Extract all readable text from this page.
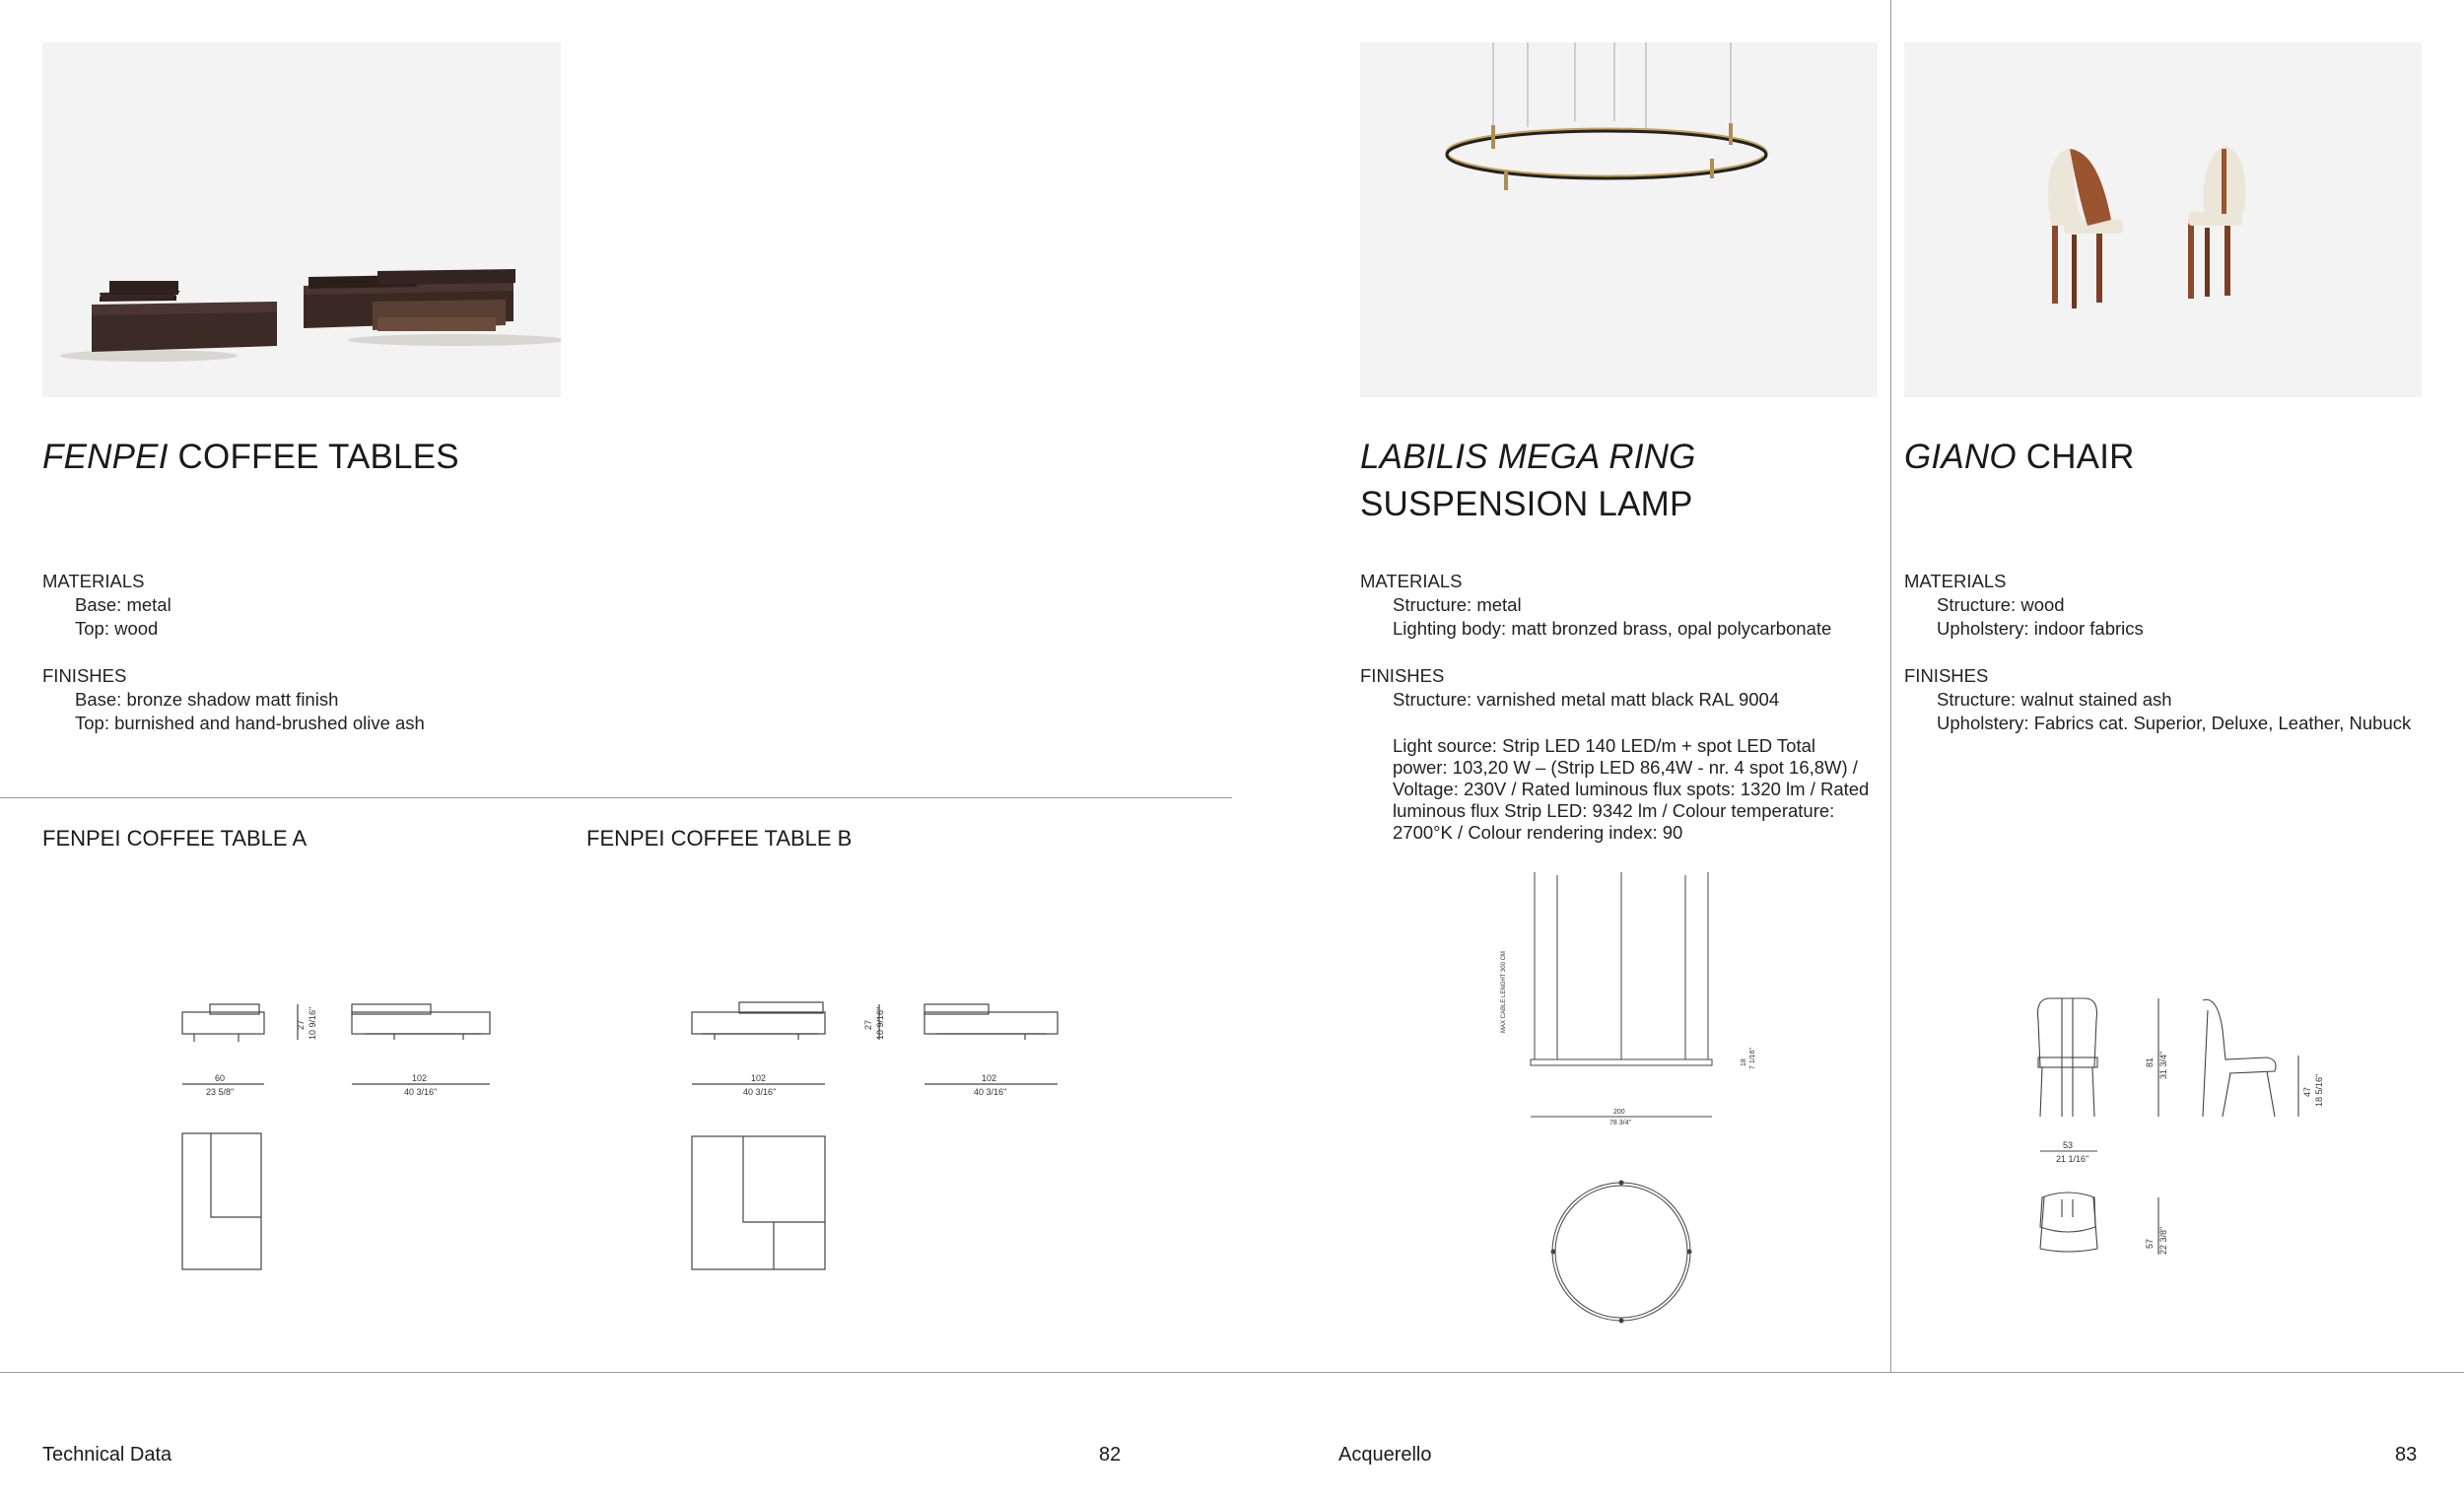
FENPEI COFFEE TABLES
MATERIALS
Base: metal
Top: wood
FINISHES
Base: bronze shadow matt finish
Top: burnished and hand-brushed olive ash
FENPEI COFFEE TABLE A	FENPEI COFFEE TABLE B
27 10 9/16"
60
23 5/8"
102
40 3/16"
27 10 9/16"
102
40 3/16"
102
40 3/16"
LABILIS MEGA RING
SUSPENSION LAMP
MATERIALS
Structure: metal
Lighting body: matt bronzed brass, opal polycarbonate
FINISHES
Structure: varnished metal matt black RAL 9004
Light source: Strip LED 140 LED/m + spot LED Total power: 103,20 W – (Strip LED 86,4W - nr. 4 spot 16,8W) / Voltage: 230V / Rated luminous flux spots: 1320 lm / Rated luminous flux Strip LED: 9342 lm / Colour temperature: 2700°K / Colour rendering index: 90
MAX CABLE LENGHT 300 CM
18 7 1/16"
200
78 3/4"
GIANO CHAIR
MATERIALS
Structure: wood
Upholstery: indoor fabrics
FINISHES
Structure: walnut stained ash
Upholstery: Fabrics cat. Superior, Deluxe, Leather, Nubuck
81 31 3/4"
47 18 5/16"
53
21 1/16"
57 22 3/8"
Technical Data	82	Acquerello	83
